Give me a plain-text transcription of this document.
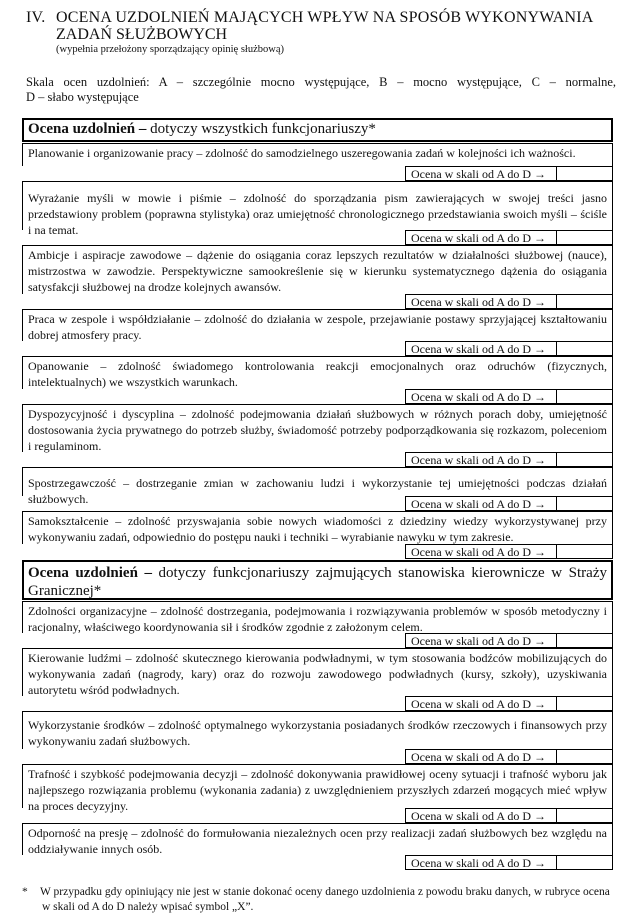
IV. OCENA UZDOLNIEŃ MAJĄCYCH WPŁYW NA SPOSÓB WYKONYWANIA
ZADAŃ SŁUŻBOWYCH
(wypełnia przełożony sporządzający opinię służbową)
Skala ocen uzdolnień: A – szczególnie mocno występujące, B – mocno występujące, C – normalne,
D – słabo występujące
Ocena uzdolnień – dotyczy wszystkich funkcjonariuszy*

Planowanie i organizowanie pracy – zdolność do samodzielnego uszeregowania zadań w kolejności ich ważności.

Ocena w skali od A do D →

Wyrażanie myśli w mowie i piśmie – zdolność do sporządzania pism zawierających w swojej treści jasno przedstawiony problem (poprawna stylistyka) oraz umiejętność chronologicznego przedstawiania swoich myśli – ściśle i na temat.

Ocena w skali od A do D →

Ambicje i aspiracje zawodowe – dążenie do osiągania coraz lepszych rezultatów w działalności służbowej (nauce), mistrzostwa w zawodzie. Perspektywiczne samookreślenie się w kierunku systematycznego dążenia do osiągania satysfakcji służbowej na drodze kolejnych awansów.

Ocena w skali od A do D →

Praca w zespole i współdziałanie – zdolność do działania w zespole, przejawianie postawy sprzyjającej kształtowaniu dobrej atmosfery pracy.

Ocena w skali od A do D →

Opanowanie – zdolność świadomego kontrolowania reakcji emocjonalnych oraz odruchów (fizycznych, intelektualnych) we wszystkich warunkach.

Ocena w skali od A do D →

Dyspozycyjność i dyscyplina – zdolność podejmowania działań służbowych w różnych porach doby, umiejętność dostosowania życia prywatnego do potrzeb służby, świadomość potrzeby podporządkowania się rozkazom, poleceniom i regulaminom.

Ocena w skali od A do D →

Spostrzegawczość – dostrzeganie zmian w zachowaniu ludzi i wykorzystanie tej umiejętności podczas działań służbowych.	Ocena w skali od A do D →

Samokształcenie – zdolność przyswajania sobie nowych wiadomości z dziedziny wiedzy wykorzystywanej przy wykonywaniu zadań, odpowiednio do postępu nauki i techniki – wyrabianie nawyku w tym zakresie.

Ocena w skali od A do D →
Ocena uzdolnień – dotyczy funkcjonariuszy zajmujących stanowiska kierownicze w Straży Granicznej*

Zdolności organizacyjne – zdolność dostrzegania, podejmowania i rozwiązywania problemów w sposób metodyczny i racjonalny, właściwego koordynowania sił i środków zgodnie z założonym celem.

Ocena w skali od A do D →

Kierowanie ludźmi – zdolność skutecznego kierowania podwładnymi, w tym stosowania bodźców mobilizujących do wykonywania zadań (nagrody, kary) oraz do rozwoju zawodowego podwładnych (kursy, szkoły), uzyskiwania autorytetu wśród podwładnych.

Ocena w skali od A do D →

Wykorzystanie środków – zdolność optymalnego wykorzystania posiadanych środków rzeczowych i finansowych przy wykonywaniu zadań służbowych.

Ocena w skali od A do D →

Trafność i szybkość podejmowania decyzji – zdolność dokonywania prawidłowej oceny sytuacji i trafność wyboru jak najlepszego rozwiązania problemu (wykonania zadania) z uwzględnieniem przyszłych zdarzeń mogących mieć wpływ na proces decyzyjny.

Ocena w skali od A do D →

Odporność na presję – zdolność do formułowania niezależnych ocen przy realizacji zadań służbowych bez względu na oddziaływanie innych osób.

Ocena w skali od A do D →
* W przypadku gdy opiniujący nie jest w stanie dokonać oceny danego uzdolnienia z powodu braku danych, w rubryce ocena
w skali od A do D należy wpisać symbol „X”.
